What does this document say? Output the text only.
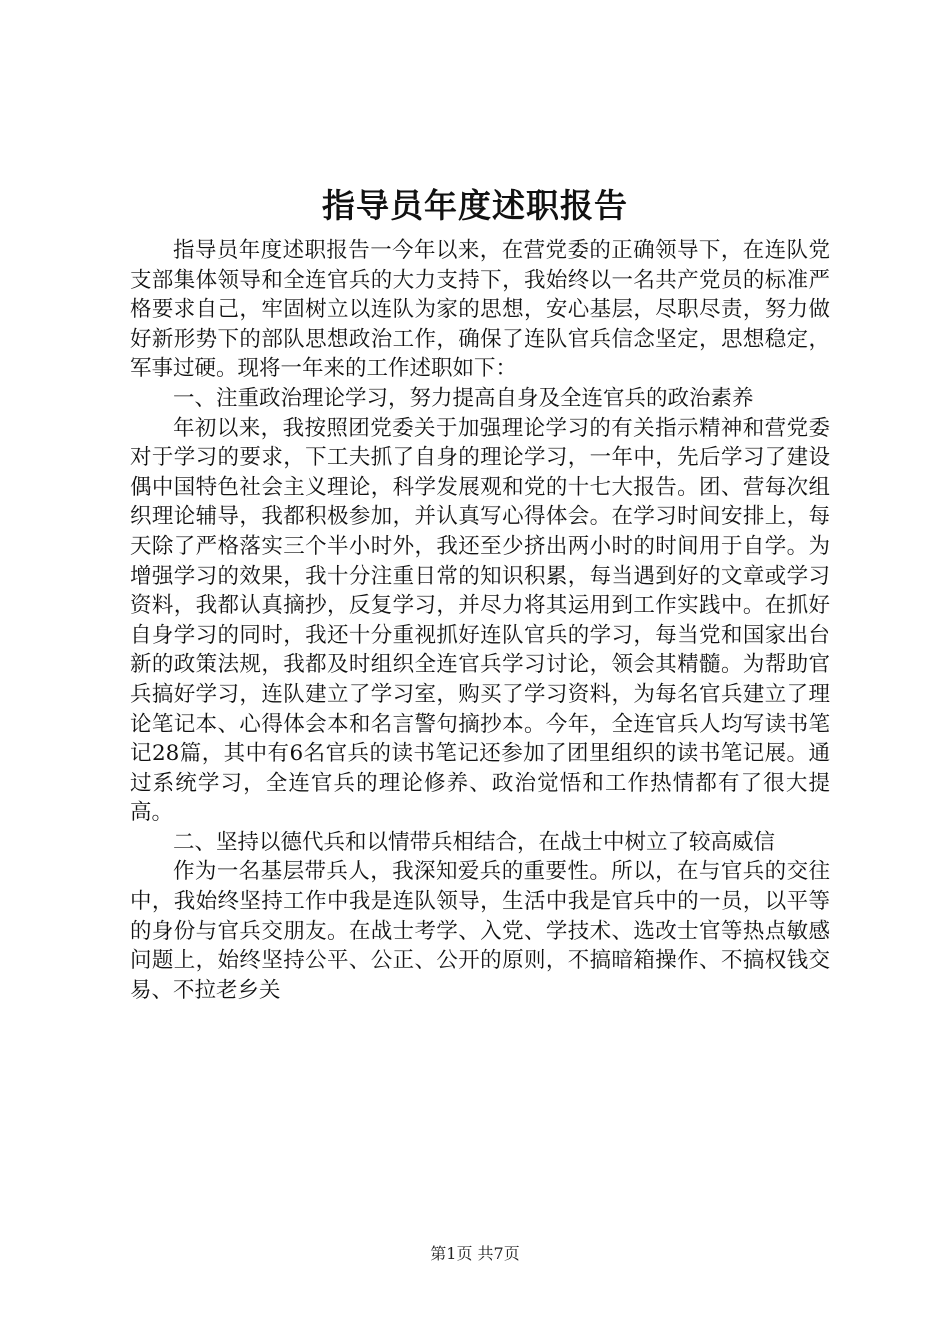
指导员年度述职报告

指导员年度述职报告一今年以来，在营党委的正确领导下，在连队党支部集体领导和全连官兵的大力支持下，我始终以一名共产党员的标准严格要求自己，牢固树立以连队为家的思想，安心基层，尽职尽责，努力做好新形势下的部队思想政治工作，确保了连队官兵信念坚定，思想稳定，军事过硬。现将一年来的工作述职如下：

一、注重政治理论学习，努力提高自身及全连官兵的政治素养

年初以来，我按照团党委关于加强理论学习的有关指示精神和营党委对于学习的要求，下工夫抓了自身的理论学习，一年中，先后学习了建设偶中国特色社会主义理论，科学发展观和党的十七大报告。团、营每次组织理论辅导，我都积极参加，并认真写心得体会。在学习时间安排上，每天除了严格落实三个半小时外，我还至少挤出两小时的时间用于自学。为增强学习的效果，我十分注重日常的知识积累，每当遇到好的文章或学习资料，我都认真摘抄，反复学习，并尽力将其运用到工作实践中。在抓好自身学习的同时，我还十分重视抓好连队官兵的学习，每当党和国家出台新的政策法规，我都及时组织全连官兵学习讨论，领会其精髓。为帮助官兵搞好学习，连队建立了学习室，购买了学习资料，为每名官兵建立了理论笔记本、心得体会本和名言警句摘抄本。今年，全连官兵人均写读书笔记28篇，其中有6名官兵的读书笔记还参加了团里组织的读书笔记展。通过系统学习，全连官兵的理论修养、政治觉悟和工作热情都有了很大提高。

二、坚持以德代兵和以情带兵相结合，在战士中树立了较高威信

作为一名基层带兵人，我深知爱兵的重要性。所以，在与官兵的交往中，我始终坚持工作中我是连队领导，生活中我是官兵中的一员，以平等的身份与官兵交朋友。在战士考学、入党、学技术、选改士官等热点敏感问题上，始终坚持公平、公正、公开的原则，不搞暗箱操作、不搞权钱交易、不拉老乡关

第1页 共7页
